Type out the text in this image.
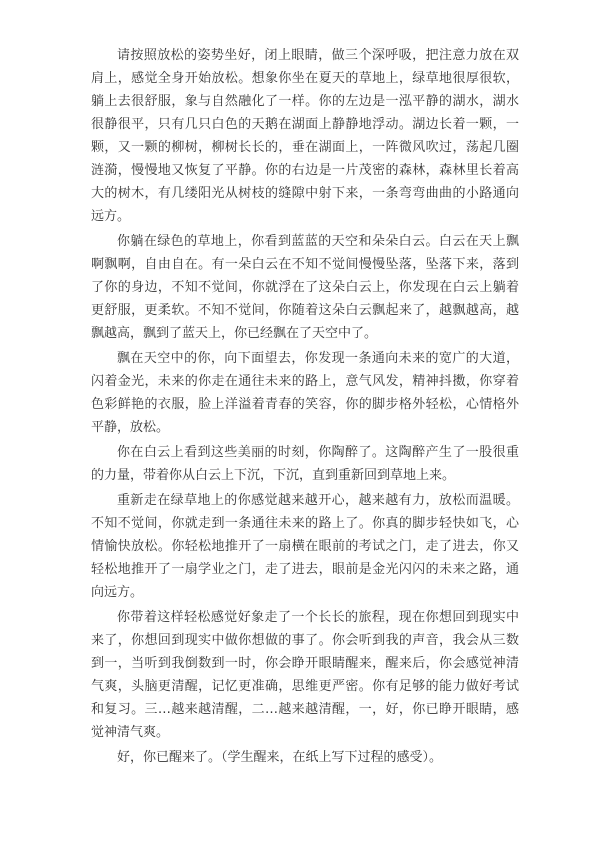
请按照放松的姿势坐好，闭上眼睛，做三个深呼吸，把注意力放在双肩上，感觉全身开始放松。想象你坐在夏天的草地上，绿草地很厚很软，躺上去很舒服，象与自然融化了一样。你的左边是一泓平静的湖水，湖水很静很平，只有几只白色的天鹅在湖面上静静地浮动。湖边长着一颗，一颗，又一颗的柳树，柳树长长的，垂在湖面上，一阵微风吹过，荡起几圈涟漪，慢慢地又恢复了平静。你的右边是一片茂密的森林，森林里长着高大的树木，有几缕阳光从树枝的缝隙中射下来，一条弯弯曲曲的小路通向远方。

你躺在绿色的草地上，你看到蓝蓝的天空和朵朵白云。白云在天上飘啊飘啊，自由自在。有一朵白云在不知不觉间慢慢坠落，坠落下来，落到了你的身边，不知不觉间，你就浮在了这朵白云上，你发现在白云上躺着更舒服，更柔软。不知不觉间，你随着这朵白云飘起来了，越飘越高，越飘越高，飘到了蓝天上，你已经飘在了天空中了。

飘在天空中的你，向下面望去，你发现一条通向未来的宽广的大道，闪着金光，未来的你走在通往未来的路上，意气风发，精神抖擞，你穿着色彩鲜艳的衣服，脸上洋溢着青春的笑容，你的脚步格外轻松，心情格外平静，放松。

你在白云上看到这些美丽的时刻，你陶醉了。这陶醉产生了一股很重的力量，带着你从白云上下沉，下沉，直到重新回到草地上来。

重新走在绿草地上的你感觉越来越开心，越来越有力，放松而温暖。不知不觉间，你就走到一条通往未来的路上了。你真的脚步轻快如飞，心情愉快放松。你轻松地推开了一扇横在眼前的考试之门，走了进去，你又轻松地推开了一扇学业之门，走了进去，眼前是金光闪闪的未来之路，通向远方。

你带着这样轻松感觉好象走了一个长长的旅程，现在你想回到现实中来了，你想回到现实中做你想做的事了。你会听到我的声音，我会从三数到一，当听到我倒数到一时，你会睁开眼睛醒来，醒来后，你会感觉神清气爽，头脑更清醒，记忆更准确，思维更严密。你有足够的能力做好考试和复习。三…越来越清醒，二…越来越清醒，一，好，你已睁开眼睛，感觉神清气爽。

好，你已醒来了。（学生醒来，在纸上写下过程的感受）。
